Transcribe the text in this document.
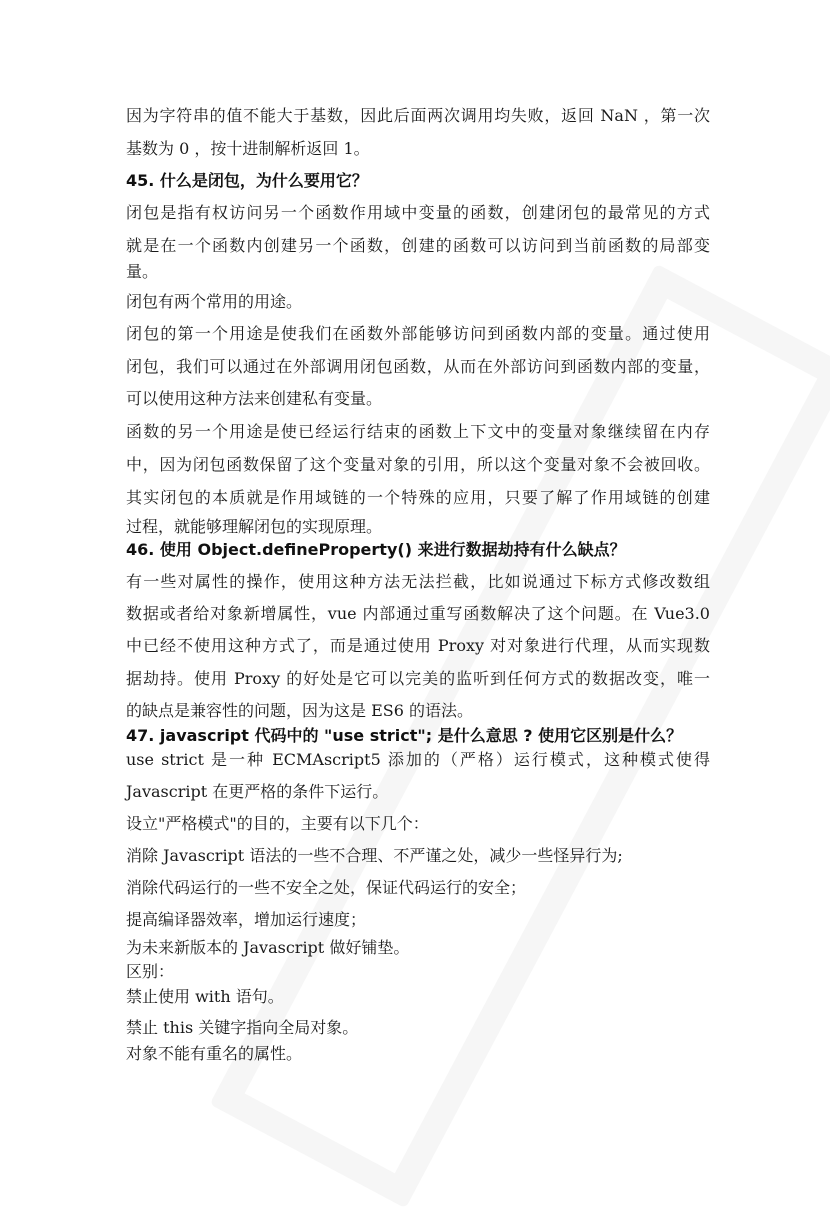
因为字符串的值不能大于基数，因此后面两次调用均失败，返回 NaN ，第一次
基数为 0 ，按十进制解析返回 1。
45. 什么是闭包，为什么要用它？
闭包是指有权访问另一个函数作用域中变量的函数，创建闭包的最常见的方式
就是在一个函数内创建另一个函数，创建的函数可以访问到当前函数的局部变
量。
闭包有两个常用的用途。
闭包的第一个用途是使我们在函数外部能够访问到函数内部的变量。通过使用
闭包，我们可以通过在外部调用闭包函数，从而在外部访问到函数内部的变量，
可以使用这种方法来创建私有变量。
函数的另一个用途是使已经运行结束的函数上下文中的变量对象继续留在内存
中，因为闭包函数保留了这个变量对象的引用，所以这个变量对象不会被回收。
其实闭包的本质就是作用域链的一个特殊的应用，只要了解了作用域链的创建
过程，就能够理解闭包的实现原理。
46. 使用 Object.defineProperty() 来进行数据劫持有什么缺点？
有一些对属性的操作，使用这种方法无法拦截，比如说通过下标方式修改数组
数据或者给对象新增属性，vue 内部通过重写函数解决了这个问题。在 Vue3.0
中已经不使用这种方式了，而是通过使用 Proxy 对对象进行代理，从而实现数
据劫持。使用 Proxy 的好处是它可以完美的监听到任何方式的数据改变，唯一
的缺点是兼容性的问题，因为这是 ES6 的语法。
47. javascript 代码中的 "use strict"; 是什么意思 ? 使用它区别是什么？
use strict 是一种 ECMAscript5 添加的（严格）运行模式，这种模式使得
Javascript 在更严格的条件下运行。
设立"严格模式"的目的，主要有以下几个：
消除 Javascript 语法的一些不合理、不严谨之处，减少一些怪异行为;
消除代码运行的一些不安全之处，保证代码运行的安全；
提高编译器效率，增加运行速度；
为未来新版本的 Javascript 做好铺垫。
区别：
禁止使用 with 语句。
禁止 this 关键字指向全局对象。
对象不能有重名的属性。
